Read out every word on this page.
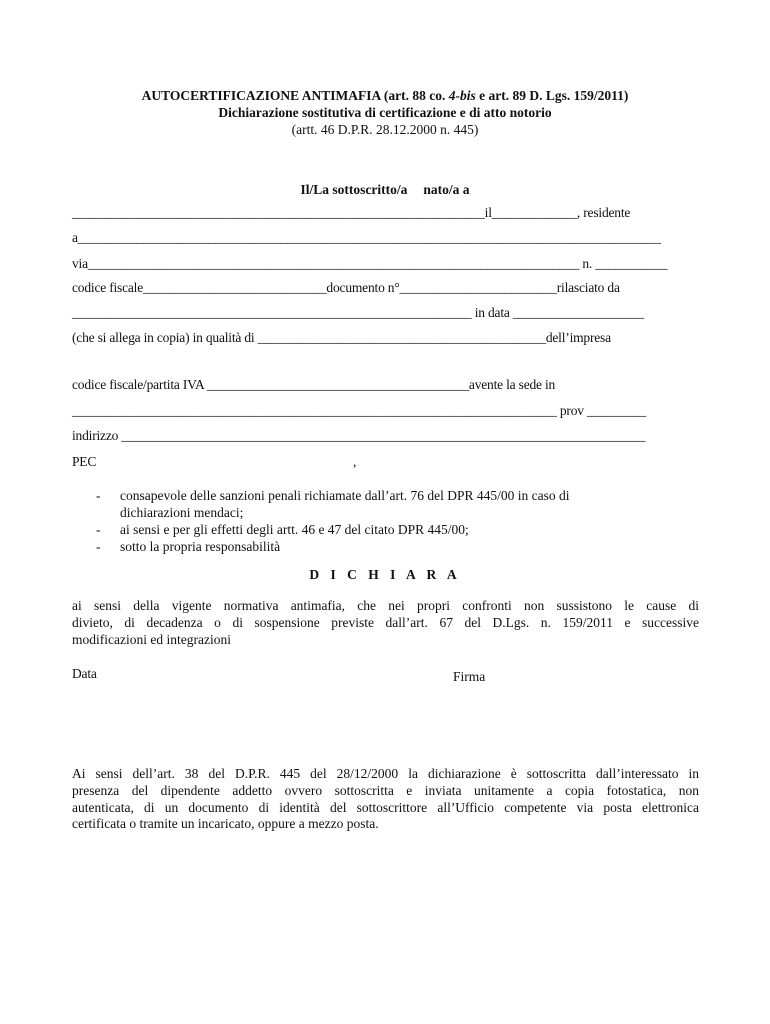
AUTOCERTIFICAZIONE ANTIMAFIA (art. 88 co. 4-bis e art. 89 D. Lgs. 159/2011)
Dichiarazione sostitutiva di certificazione e di atto notorio
(artt. 46 D.P.R. 28.12.2000 n. 445)
Il/La sottoscritto/a nato/a a
_______________________________________________________________il_____________, residente
a_________________________________________________________________________________________
via___________________________________________________________________________ n. ___________
codice fiscale____________________________documento n°________________________rilasciato da
_____________________________________________________________ in data ____________________
(che si allega in copia) in qualità di ____________________________________________dell’impresa
codice fiscale/partita IVA ________________________________________avente la sede in
__________________________________________________________________________ prov _________
indirizzo ________________________________________________________________________________
PEC	,
- consapevole delle sanzioni penali richiamate dall’art. 76 del DPR 445/00 in caso di
dichiarazioni mendaci;
- ai sensi e per gli effetti degli artt. 46 e 47 del citato DPR 445/00;
- sotto la propria responsabilità
D I C H I A R A
ai sensi della vigente normativa antimafia, che nei propri confronti non sussistono le cause di
divieto, di decadenza o di sospensione previste dall’art. 67 del D.Lgs. n. 159/2011 e successive
modificazioni ed integrazioni
Data	Firma
Ai sensi dell’art. 38 del D.P.R. 445 del 28/12/2000 la dichiarazione è sottoscritta dall’interessato in
presenza del dipendente addetto ovvero sottoscritta e inviata unitamente a copia fotostatica, non
autenticata, di un documento di identità del sottoscrittore all’Ufficio competente via posta elettronica
certificata o tramite un incaricato, oppure a mezzo posta.
